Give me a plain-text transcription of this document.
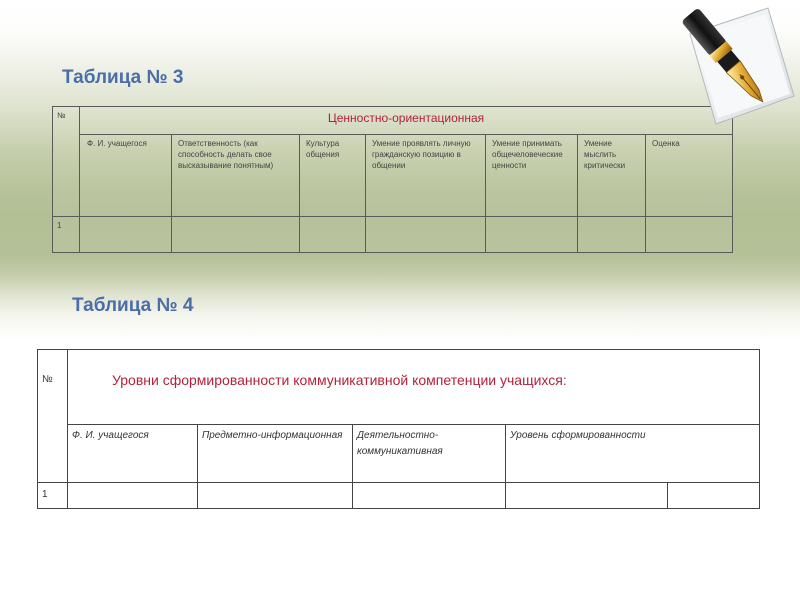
Таблица № 3
№	Ценностно-ориентационная						
	Ф. И. учащегося	Ответственность (как способность делать свое высказывание понятным)	Культура общения	Умение проявлять личную гражданскую позицию в общении	Умение принимать общечеловеческие ценности	Умение мыслить критически	Оценка
1							
Таблица № 4
№	Уровни сформированности коммуникативной компетенции учащихся:				
	Ф. И. учащегося	Предметно-информационная	Деятельностно-коммуникативная	Уровень сформированности	
1					
